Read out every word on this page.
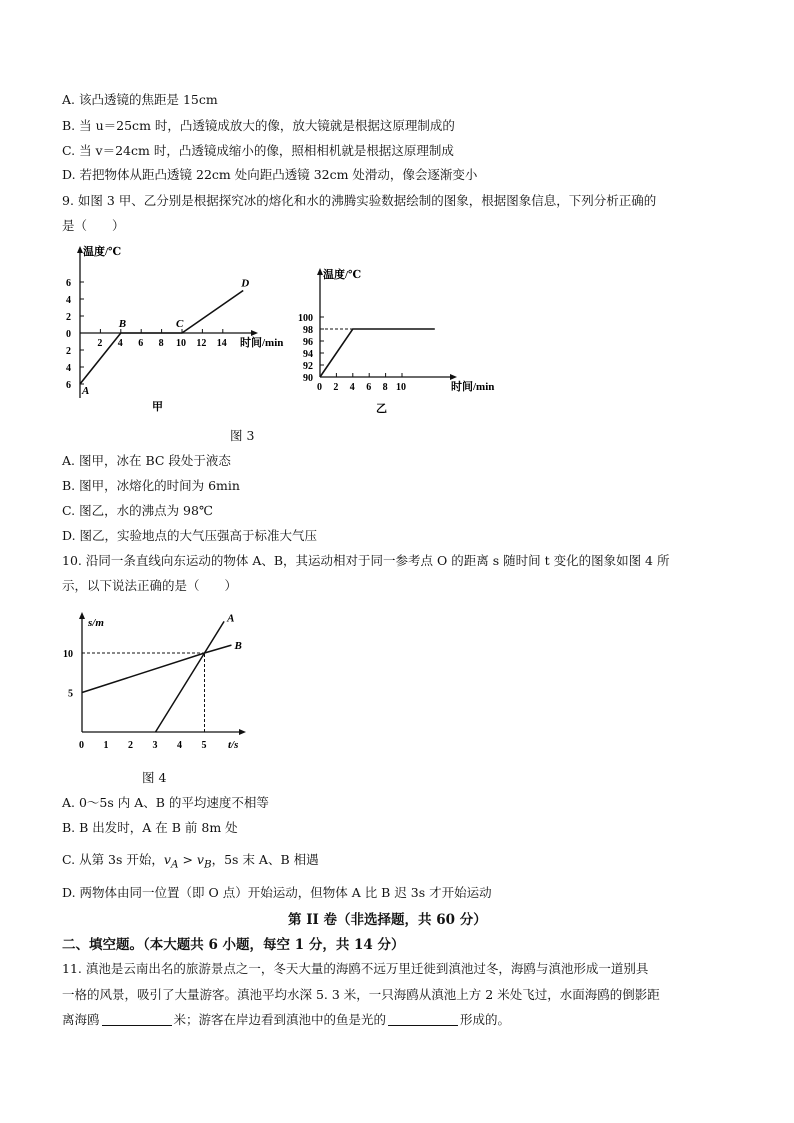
A. 该凸透镜的焦距是 15cm
B. 当 u＝25cm 时，凸透镜成放大的像，放大镜就是根据这原理制成的
C. 当 v＝24cm 时，凸透镜成缩小的像，照相相机就是根据这原理制成
D. 若把物体从距凸透镜 22cm 处向距凸透镜 32cm 处滑动，像会逐渐变小
9. 如图 3 甲、乙分别是根据探究冰的熔化和水的沸腾实验数据绘制的图象，根据图象信息，下列分析正确的
是（　　）
温度/℃
时间/min
6
4
2
0
2
4
6
2 4 6 8 10 12 14
A
B	C
D
甲
温度/℃
时间/min
90
92
94
96
98
100
0 2 4 6 8 10
乙
图 3
A. 图甲，冰在 BC 段处于液态
B. 图甲，冰熔化的时间为 6min
C. 图乙，水的沸点为 98℃
D. 图乙，实验地点的大气压强高于标准大气压
10. 沿同一条直线向东运动的物体 A、B，其运动相对于同一参考点 O 的距离 s 随时间 t 变化的图象如图 4 所
示，以下说法正确的是（　　）
s/m
t/s
5
10
0 1 2 3 4 5
A
B
图 4
A. 0～5s 内 A、B 的平均速度不相等
B. B 出发时，A 在 B 前 8m 处
C. 从第 3s 开始，$v_A > v_B$，5s 末 A、B 相遇
D. 两物体由同一位置（即 O 点）开始运动，但物体 A 比 B 迟 3s 才开始运动
第 II 卷（非选择题，共 60 分）
二、填空题。（本大题共 6 小题，每空 1 分，共 14 分）
11. 滇池是云南出名的旅游景点之一，冬天大量的海鸥不远万里迁徙到滇池过冬，海鸥与滇池形成一道别具
一格的风景，吸引了大量游客。滇池平均水深 5. 3 米，一只海鸥从滇池上方 2 米处飞过，水面海鸥的倒影距
离海鸥	米；游客在岸边看到滇池中的鱼是光的	形成的。
